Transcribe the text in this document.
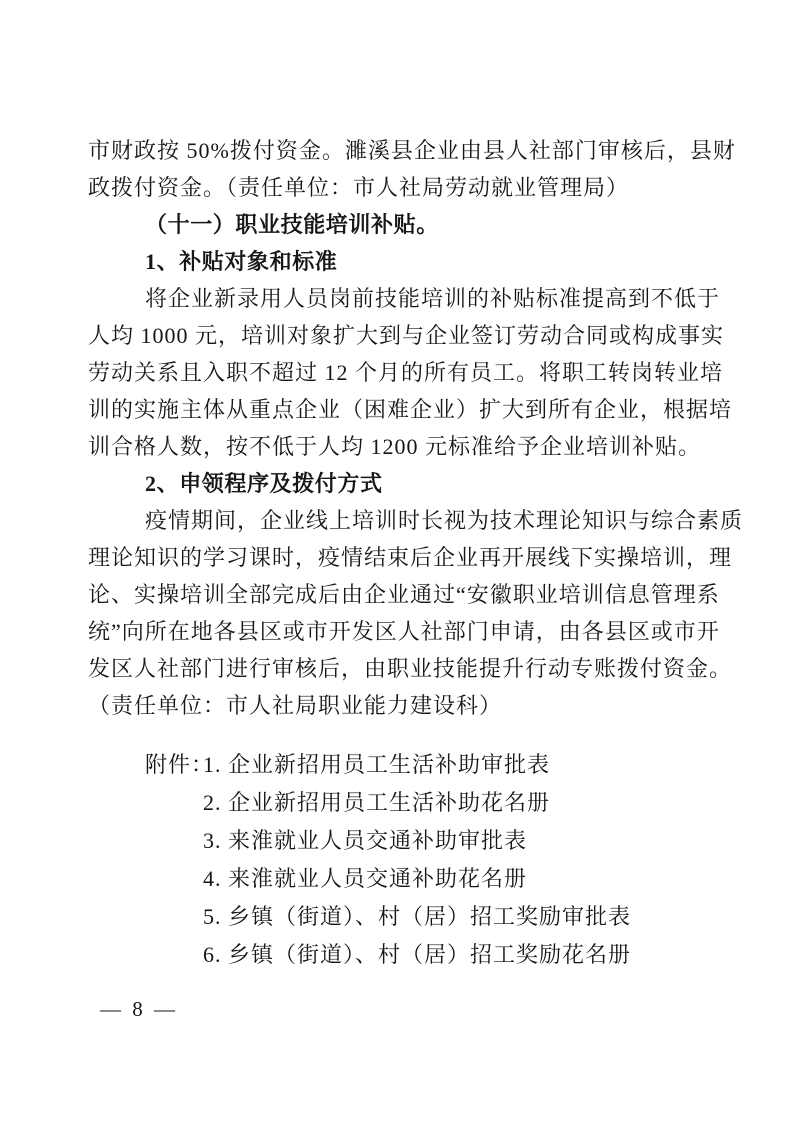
市财政按 50%拨付资金。濉溪县企业由县人社部门审核后，县财
政拨付资金。（责任单位：市人社局劳动就业管理局）
（十一）职业技能培训补贴。
1、补贴对象和标准
将企业新录用人员岗前技能培训的补贴标准提高到不低于
人均 1000 元，培训对象扩大到与企业签订劳动合同或构成事实
劳动关系且入职不超过 12 个月的所有员工。将职工转岗转业培
训的实施主体从重点企业（困难企业）扩大到所有企业，根据培
训合格人数，按不低于人均 1200 元标准给予企业培训补贴。
2、申领程序及拨付方式
疫情期间，企业线上培训时长视为技术理论知识与综合素质
理论知识的学习课时，疫情结束后企业再开展线下实操培训，理
论、实操培训全部完成后由企业通过“安徽职业培训信息管理系
统”向所在地各县区或市开发区人社部门申请，由各县区或市开
发区人社部门进行审核后，由职业技能提升行动专账拨付资金。
（责任单位：市人社局职业能力建设科）
附件：
1. 企业新招用员工生活补助审批表
2. 企业新招用员工生活补助花名册
3. 来淮就业人员交通补助审批表
4. 来淮就业人员交通补助花名册
5. 乡镇（街道）、村（居）招工奖励审批表
6. 乡镇（街道）、村（居）招工奖励花名册
— 8 —
